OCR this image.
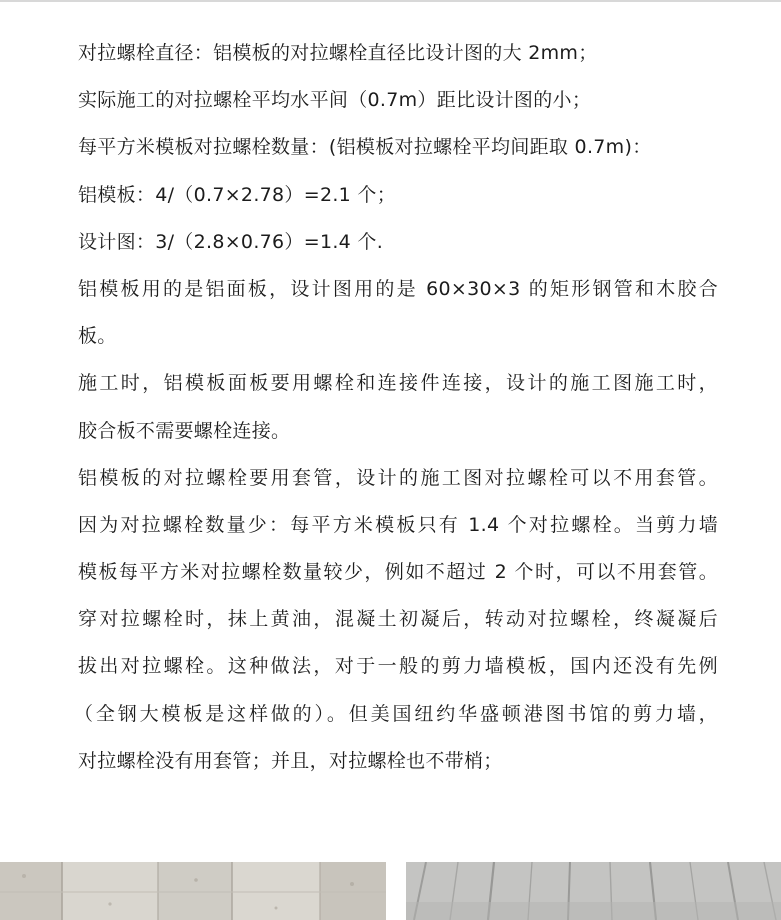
对拉螺栓直径：铝模板的对拉螺栓直径比设计图的大 2mm；
实际施工的对拉螺栓平均水平间（0.7m）距比设计图的小；
每平方米模板对拉螺栓数量：(铝模板对拉螺栓平均间距取 0.7m)：
铝模板：4/（0.7×2.78）=2.1 个；
设计图：3/（2.8×0.76）=1.4 个.
铝模板用的是铝面板，设计图用的是 60×30×3 的矩形钢管和木胶合
板。
施工时，铝模板面板要用螺栓和连接件连接，设计的施工图施工时，
胶合板不需要螺栓连接。
铝模板的对拉螺栓要用套管，设计的施工图对拉螺栓可以不用套管。
因为对拉螺栓数量少：每平方米模板只有 1.4 个对拉螺栓。当剪力墙
模板每平方米对拉螺栓数量较少，例如不超过 2 个时，可以不用套管。
穿对拉螺栓时，抹上黄油，混凝土初凝后，转动对拉螺栓，终凝凝后
拔出对拉螺栓。这种做法，对于一般的剪力墙模板，国内还没有先例
（全钢大模板是这样做的）。但美国纽约华盛顿港图书馆的剪力墙，
对拉螺栓没有用套管；并且，对拉螺栓也不带梢；
